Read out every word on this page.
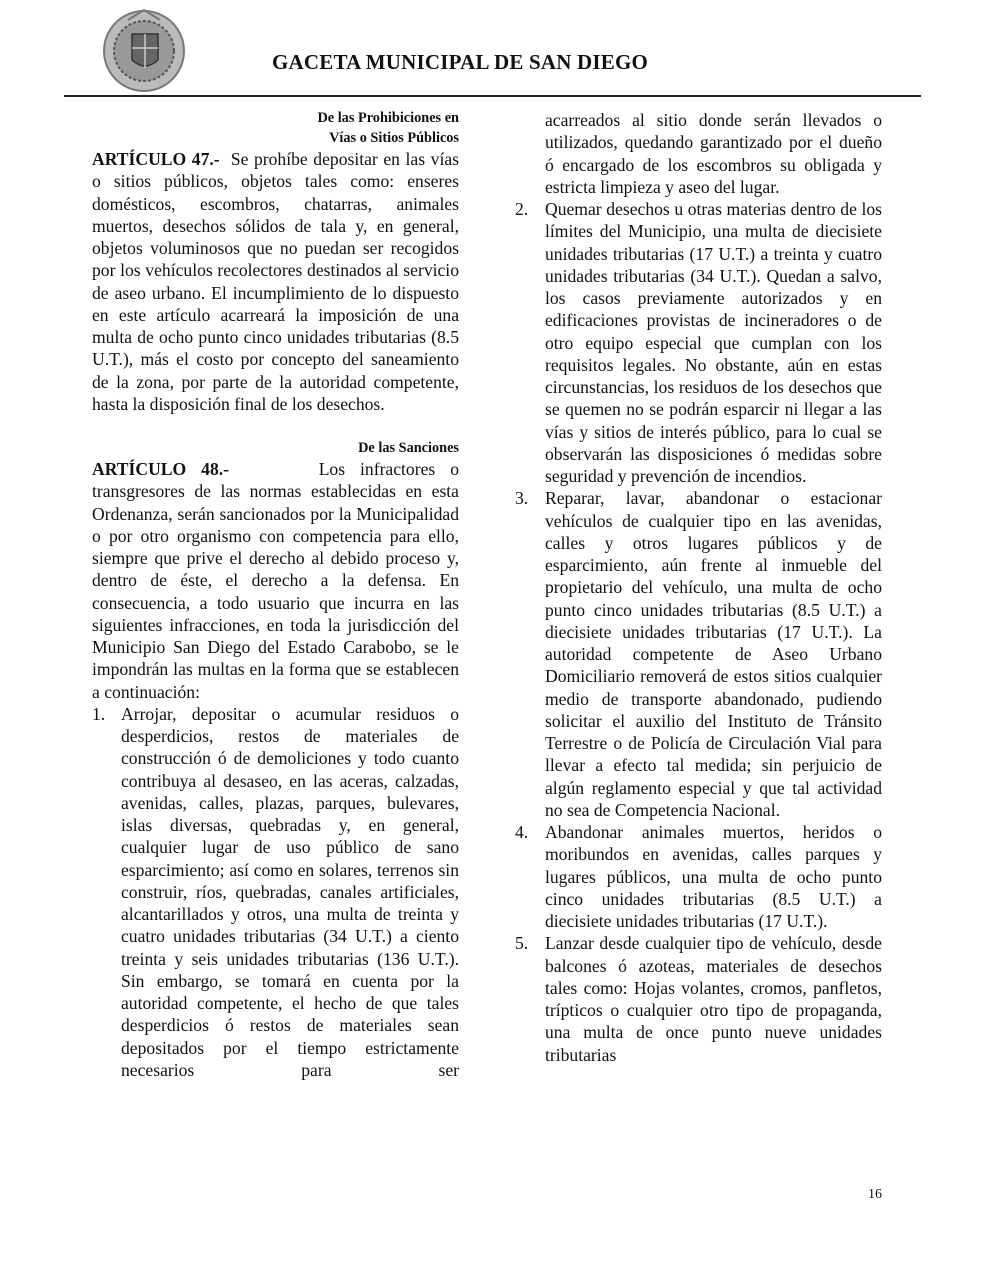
GACETA MUNICIPAL DE SAN DIEGO
De las Prohibiciones en
Vías o Sitios Públicos

ARTÍCULO 47.- Se prohíbe depositar en las vías o sitios públicos, objetos tales como: enseres domésticos, escombros, chatarras, animales muertos, desechos sólidos de tala y, en general, objetos voluminosos que no puedan ser recogidos por los vehículos recolectores destinados al servicio de aseo urbano. El incumplimiento de lo dispuesto en este artículo acarreará la imposición de una multa de ocho punto cinco unidades tributarias (8.5 U.T.), más el costo por concepto del saneamiento de la zona, por parte de la autoridad competente, hasta la disposición final de los desechos.

De las Sanciones

ARTÍCULO 48.-	Los infractores o transgresores de las normas establecidas en esta Ordenanza, serán sancionados por la Municipalidad o por otro organismo con competencia para ello, siempre que prive el derecho al debido proceso y, dentro de éste, el derecho a la defensa. En consecuencia, a todo usuario que incurra en las siguientes infracciones, en toda la jurisdicción del Municipio San Diego del Estado Carabobo, se le impondrán las multas en la forma que se establecen a continuación:

1. Arrojar, depositar o acumular residuos o desperdicios, restos de materiales de construcción ó de demoliciones y todo cuanto contribuya al desaseo, en las aceras, calzadas, avenidas, calles, plazas, parques, bulevares, islas diversas, quebradas y, en general, cualquier lugar de uso público de sano esparcimiento; así como en solares, terrenos sin construir, ríos, quebradas, canales artificiales, alcantarillados y otros, una multa de treinta y cuatro unidades tributarias (34 U.T.) a ciento treinta y seis unidades tributarias (136 U.T.). Sin embargo, se tomará en cuenta por la autoridad competente, el hecho de que tales desperdicios ó restos de materiales sean depositados por el tiempo estrictamente necesarios para ser
acarreados al sitio donde serán llevados o utilizados, quedando garantizado por el dueño ó encargado de los escombros su obligada y estricta limpieza y aseo del lugar.
2. Quemar desechos u otras materias dentro de los límites del Municipio, una multa de diecisiete unidades tributarias (17 U.T.) a treinta y cuatro unidades tributarias (34 U.T.). Quedan a salvo, los casos previamente autorizados y en edificaciones provistas de incineradores o de otro equipo especial que cumplan con los requisitos legales. No obstante, aún en estas circunstancias, los residuos de los desechos que se quemen no se podrán esparcir ni llegar a las vías y sitios de interés público, para lo cual se observarán las disposiciones ó medidas sobre seguridad y prevención de incendios.
3. Reparar, lavar, abandonar o estacionar vehículos de cualquier tipo en las avenidas, calles y otros lugares públicos y de esparcimiento, aún frente al inmueble del propietario del vehículo, una multa de ocho punto cinco unidades tributarias (8.5 U.T.) a diecisiete unidades tributarias (17 U.T.). La autoridad competente de Aseo Urbano Domiciliario removerá de estos sitios cualquier medio de transporte abandonado, pudiendo solicitar el auxilio del Instituto de Tránsito Terrestre o de Policía de Circulación Vial para llevar a efecto tal medida; sin perjuicio de algún reglamento especial y que tal actividad no sea de Competencia Nacional.
4. Abandonar animales muertos, heridos o moribundos en avenidas, calles parques y lugares públicos, una multa de ocho punto cinco unidades tributarias (8.5 U.T.) a diecisiete unidades tributarias (17 U.T.).
5. Lanzar desde cualquier tipo de vehículo, desde balcones ó azoteas, materiales de desechos tales como: Hojas volantes, cromos, panfletos, trípticos o cualquier otro tipo de propaganda, una multa de once punto nueve unidades tributarias
16
